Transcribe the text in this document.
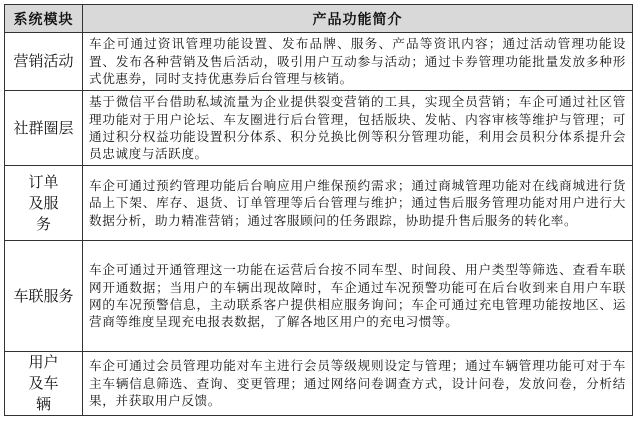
系统模块	产品功能简介
营销活动	车企可通过资讯管理功能设置、发布品牌、服务、产品等资讯内容；通过活动管理功能设置、发布各种营销及售后活动，吸引用户互动参与活动；通过卡券管理功能批量发放多种形式优惠券，同时支持优惠券后台管理与核销。
社群圈层	基于微信平台借助私域流量为企业提供裂变营销的工具，实现全员营销；车企可通过社区管理功能对于用户论坛、车友圈进行后台管理，包括版块、发帖、内容审核等维护与管理；可通过积分权益功能设置积分体系、积分兑换比例等积分管理功能，利用会员积分体系提升会员忠诚度与活跃度。
订单及服务	车企可通过预约管理功能后台响应用户维保预约需求；通过商城管理功能对在线商城进行货品上下架、库存、退货、订单管理等后台管理与维护；通过售后服务管理功能对用户进行大数据分析，助力精准营销；通过客服顾问的任务跟踪，协助提升售后服务的转化率。
车联服务	车企可通过开通管理这一功能在运营后台按不同车型、时间段、用户类型等筛选、查看车联网开通数据；当用户的车辆出现故障时，车企通过车况预警功能可在后台收到来自用户车联网的车况预警信息，主动联系客户提供相应服务询问；车企可通过充电管理功能按地区、运营商等维度呈现充电报表数据，了解各地区用户的充电习惯等。
用户及车辆	车企可通过会员管理功能对车主进行会员等级规则设定与管理；通过车辆管理功能可对于车主车辆信息筛选、查询、变更管理；通过网络问卷调查方式，设计问卷，发放问卷，分析结果，并获取用户反馈。
